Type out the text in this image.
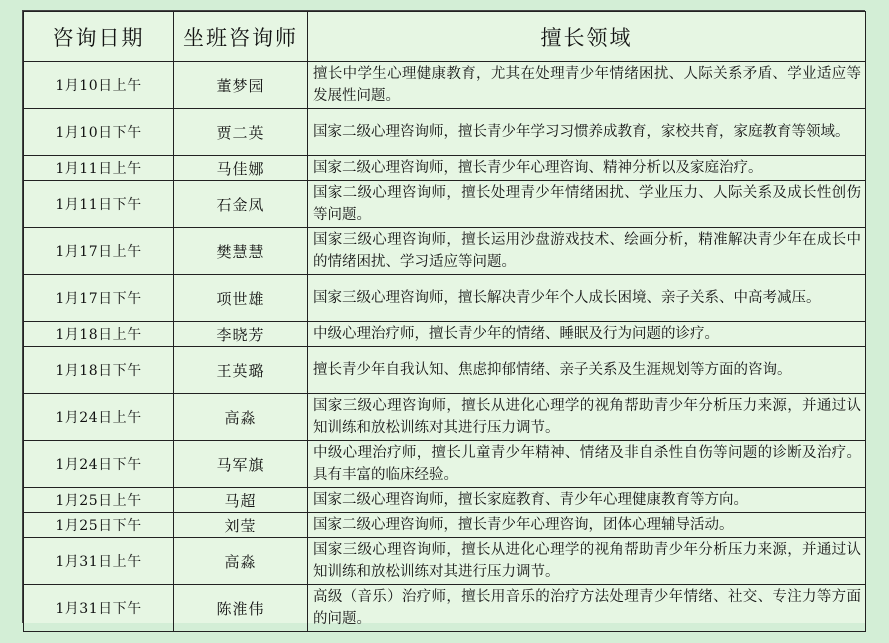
咨询日期	坐班咨询师	擅长领域
1月10日上午	董梦园	擅长中学生心理健康教育，尤其在处理青少年情绪困扰、人际关系矛盾、学业适应等发展性问题。
1月10日下午	贾二英	国家二级心理咨询师，擅长青少年学习习惯养成教育，家校共育，家庭教育等领域。
1月11日上午	马佳娜	国家二级心理咨询师，擅长青少年心理咨询、精神分析以及家庭治疗。
1月11日下午	石金凤	国家二级心理咨询师，擅长处理青少年情绪困扰、学业压力、人际关系及成长性创伤等问题。
1月17日上午	樊慧慧	国家三级心理咨询师，擅长运用沙盘游戏技术、绘画分析，精准解决青少年在成长中的情绪困扰、学习适应等问题。
1月17日下午	项世雄	国家三级心理咨询师，擅长解决青少年个人成长困境、亲子关系、中高考减压。
1月18日上午	李晓芳	中级心理治疗师，擅长青少年的情绪、睡眠及行为问题的诊疗。
1月18日下午	王英璐	擅长青少年自我认知、焦虑抑郁情绪、亲子关系及生涯规划等方面的咨询。
1月24日上午	高淼	国家三级心理咨询师，擅长从进化心理学的视角帮助青少年分析压力来源，并通过认知训练和放松训练对其进行压力调节。
1月24日下午	马军旗	中级心理治疗师，擅长儿童青少年精神、情绪及非自杀性自伤等问题的诊断及治疗。具有丰富的临床经验。
1月25日上午	马超	国家二级心理咨询师，擅长家庭教育、青少年心理健康教育等方向。
1月25日下午	刘莹	国家二级心理咨询师，擅长青少年心理咨询，团体心理辅导活动。
1月31日上午	高淼	国家三级心理咨询师，擅长从进化心理学的视角帮助青少年分析压力来源，并通过认知训练和放松训练对其进行压力调节。
1月31日下午	陈淮伟	高级（音乐）治疗师，擅长用音乐的治疗方法处理青少年情绪、社交、专注力等方面的问题。
